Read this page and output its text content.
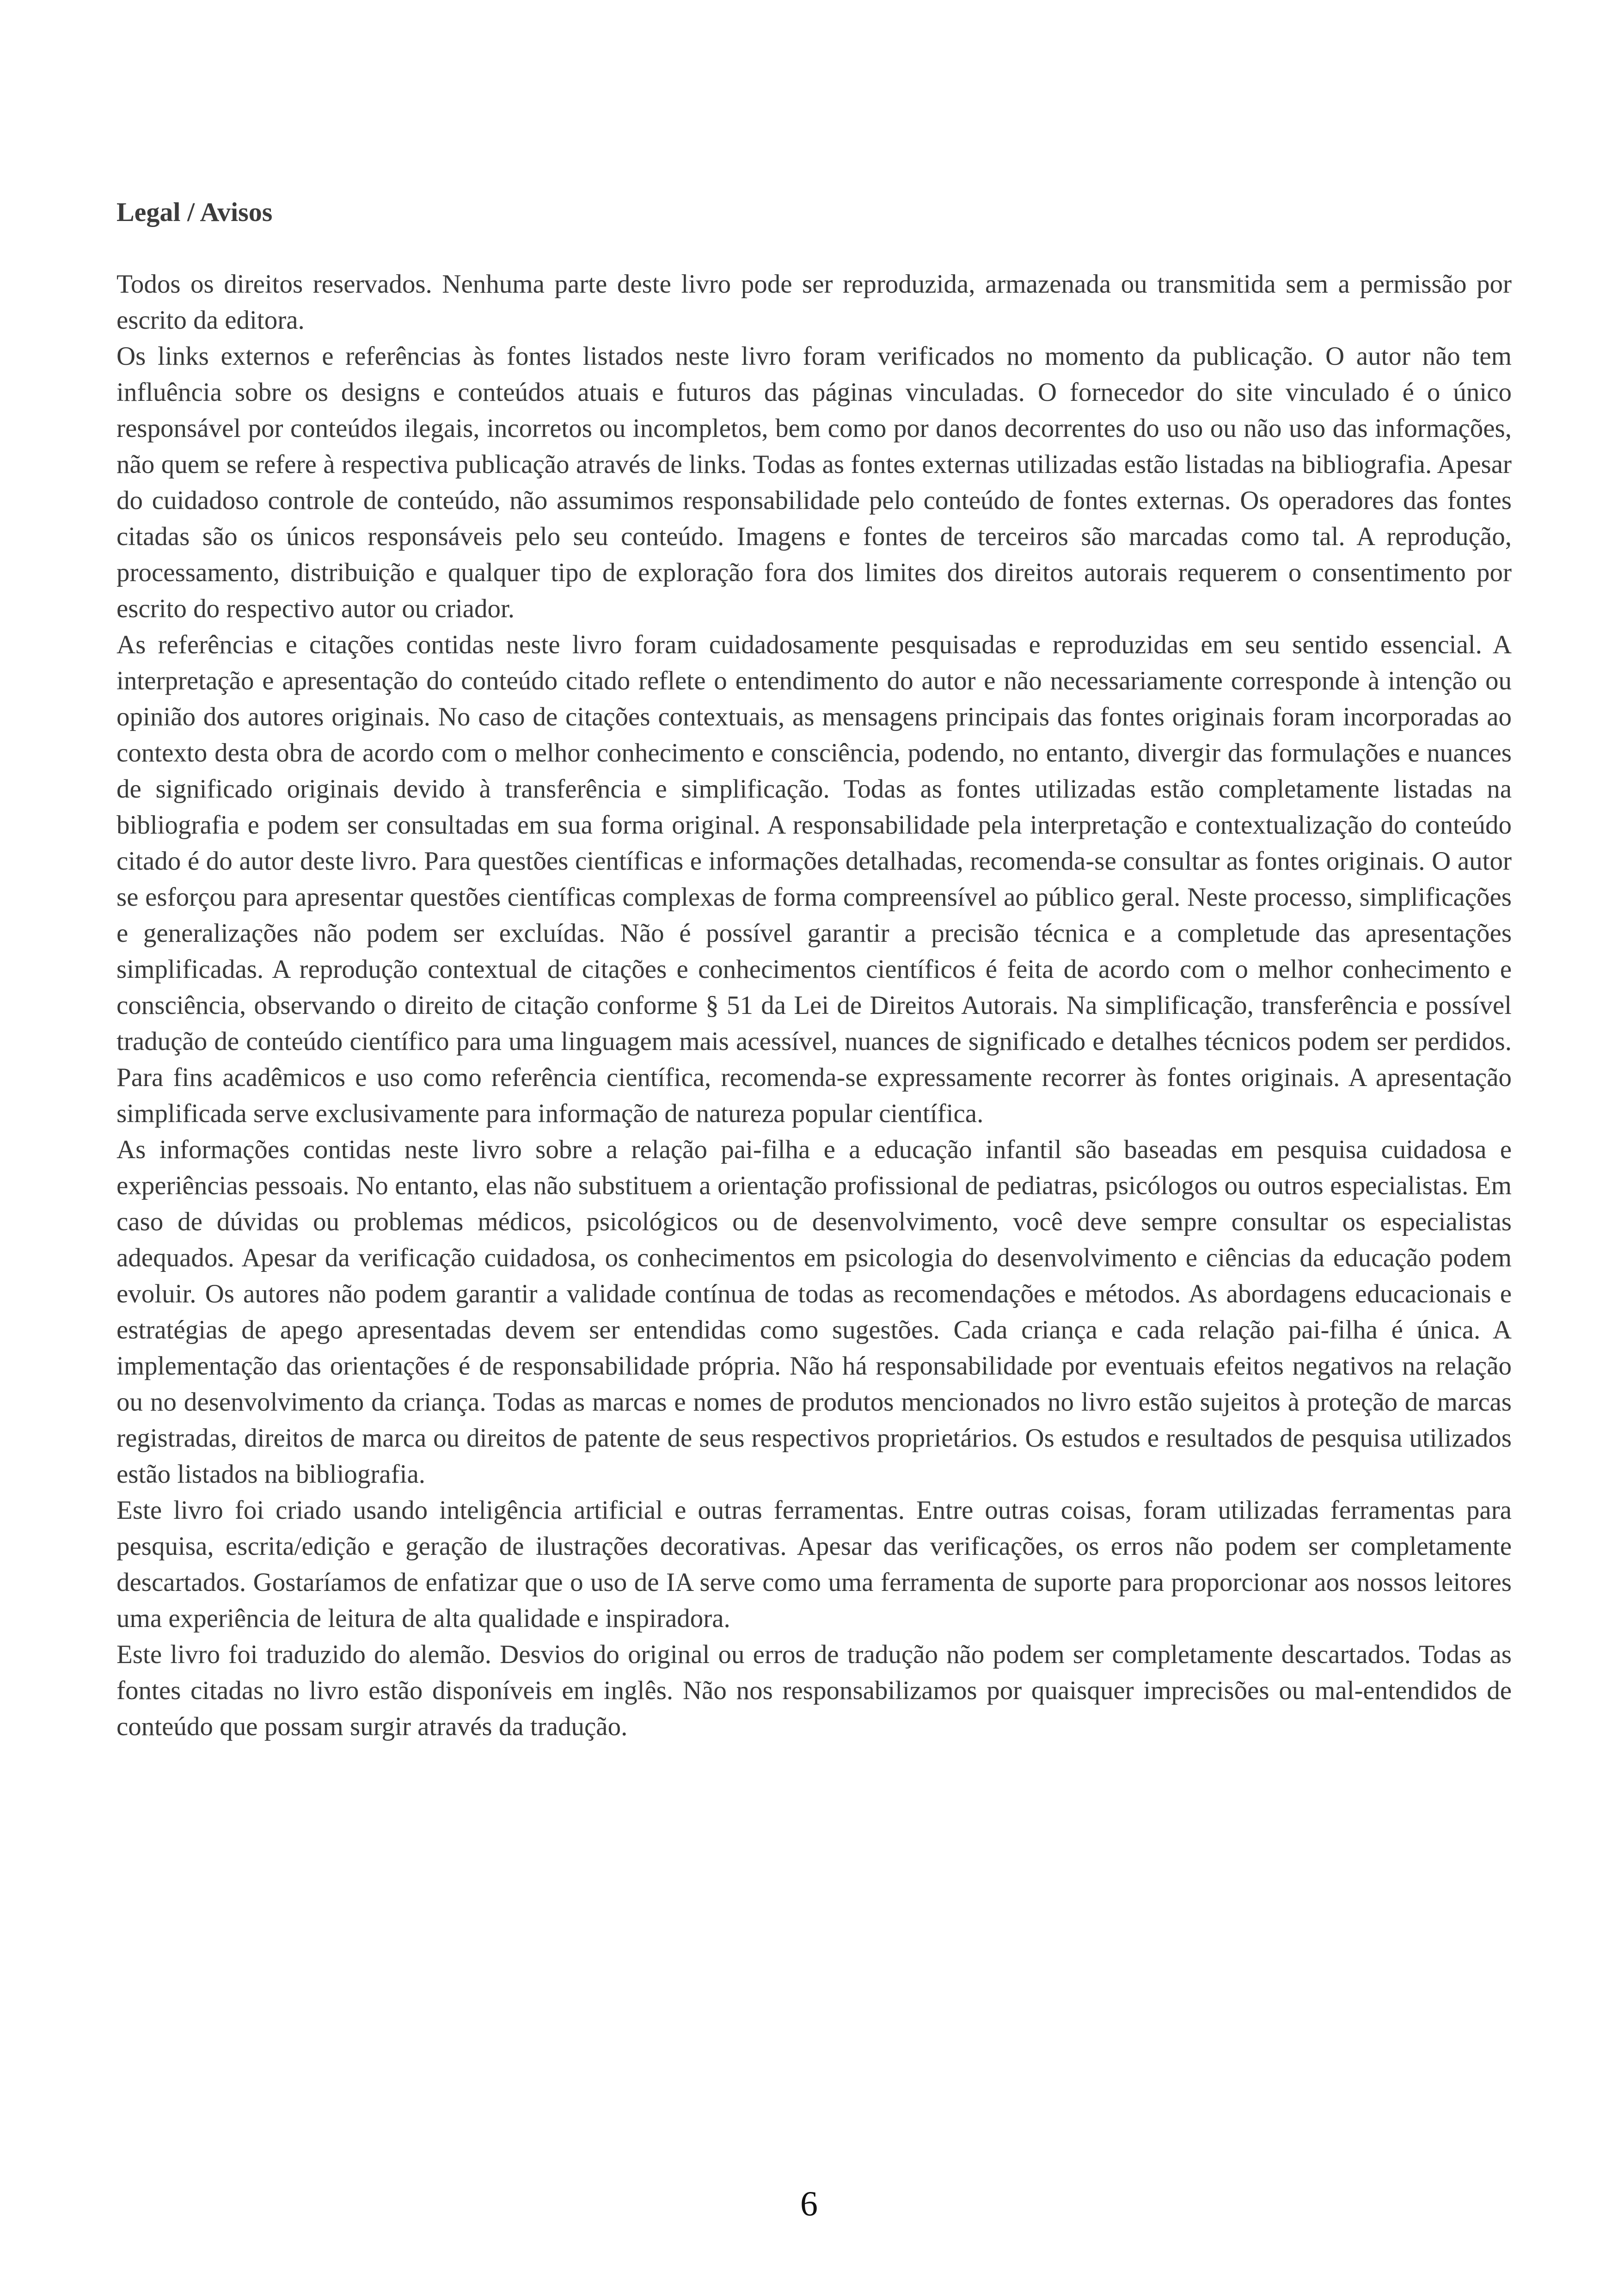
Legal / Avisos

Todos os direitos reservados. Nenhuma parte deste livro pode ser reproduzida, armazenada ou transmitida sem a permissão por escrito da editora.

Os links externos e referências às fontes listados neste livro foram verificados no momento da publicação. O autor não tem influência sobre os designs e conteúdos atuais e futuros das páginas vinculadas. O fornecedor do site vinculado é o único responsável por conteúdos ilegais, incorretos ou incompletos, bem como por danos decorrentes do uso ou não uso das informações, não quem se refere à respectiva publicação através de links. Todas as fontes externas utilizadas estão listadas na bibliografia. Apesar do cuidadoso controle de conteúdo, não assumimos responsabilidade pelo conteúdo de fontes externas. Os operadores das fontes citadas são os únicos responsáveis pelo seu conteúdo. Imagens e fontes de terceiros são marcadas como tal. A reprodução, processamento, distribuição e qualquer tipo de exploração fora dos limites dos direitos autorais requerem o consentimento por escrito do respectivo autor ou criador.

As referências e citações contidas neste livro foram cuidadosamente pesquisadas e reproduzidas em seu sentido essencial. A interpretação e apresentação do conteúdo citado reflete o entendimento do autor e não necessariamente corresponde à intenção ou opinião dos autores originais. No caso de citações contextuais, as mensagens principais das fontes originais foram incorporadas ao contexto desta obra de acordo com o melhor conhecimento e consciência, podendo, no entanto, divergir das formulações e nuances de significado originais devido à transferência e simplificação. Todas as fontes utilizadas estão completamente listadas na bibliografia e podem ser consultadas em sua forma original. A responsabilidade pela interpretação e contextualização do conteúdo citado é do autor deste livro. Para questões científicas e informações detalhadas, recomenda-se consultar as fontes originais. O autor se esforçou para apresentar questões científicas complexas de forma compreensível ao público geral. Neste processo, simplificações e generalizações não podem ser excluídas. Não é possível garantir a precisão técnica e a completude das apresentações simplificadas. A reprodução contextual de citações e conhecimentos científicos é feita de acordo com o melhor conhecimento e consciência, observando o direito de citação conforme § 51 da Lei de Direitos Autorais. Na simplificação, transferência e possível tradução de conteúdo científico para uma linguagem mais acessível, nuances de significado e detalhes técnicos podem ser perdidos. Para fins acadêmicos e uso como referência científica, recomenda-se expressamente recorrer às fontes originais. A apresentação simplificada serve exclusivamente para informação de natureza popular científica.

As informações contidas neste livro sobre a relação pai-filha e a educação infantil são baseadas em pesquisa cuidadosa e experiências pessoais. No entanto, elas não substituem a orientação profissional de pediatras, psicólogos ou outros especialistas. Em caso de dúvidas ou problemas médicos, psicológicos ou de desenvolvimento, você deve sempre consultar os especialistas adequados. Apesar da verificação cuidadosa, os conhecimentos em psicologia do desenvolvimento e ciências da educação podem evoluir. Os autores não podem garantir a validade contínua de todas as recomendações e métodos. As abordagens educacionais e estratégias de apego apresentadas devem ser entendidas como sugestões. Cada criança e cada relação pai-filha é única. A implementação das orientações é de responsabilidade própria. Não há responsabilidade por eventuais efeitos negativos na relação ou no desenvolvimento da criança. Todas as marcas e nomes de produtos mencionados no livro estão sujeitos à proteção de marcas registradas, direitos de marca ou direitos de patente de seus respectivos proprietários. Os estudos e resultados de pesquisa utilizados estão listados na bibliografia.

Este livro foi criado usando inteligência artificial e outras ferramentas. Entre outras coisas, foram utilizadas ferramentas para pesquisa, escrita/edição e geração de ilustrações decorativas. Apesar das verificações, os erros não podem ser completamente descartados. Gostaríamos de enfatizar que o uso de IA serve como uma ferramenta de suporte para proporcionar aos nossos leitores uma experiência de leitura de alta qualidade e inspiradora.

Este livro foi traduzido do alemão. Desvios do original ou erros de tradução não podem ser completamente descartados. Todas as fontes citadas no livro estão disponíveis em inglês. Não nos responsabilizamos por quaisquer imprecisões ou mal-entendidos de conteúdo que possam surgir através da tradução.

6
